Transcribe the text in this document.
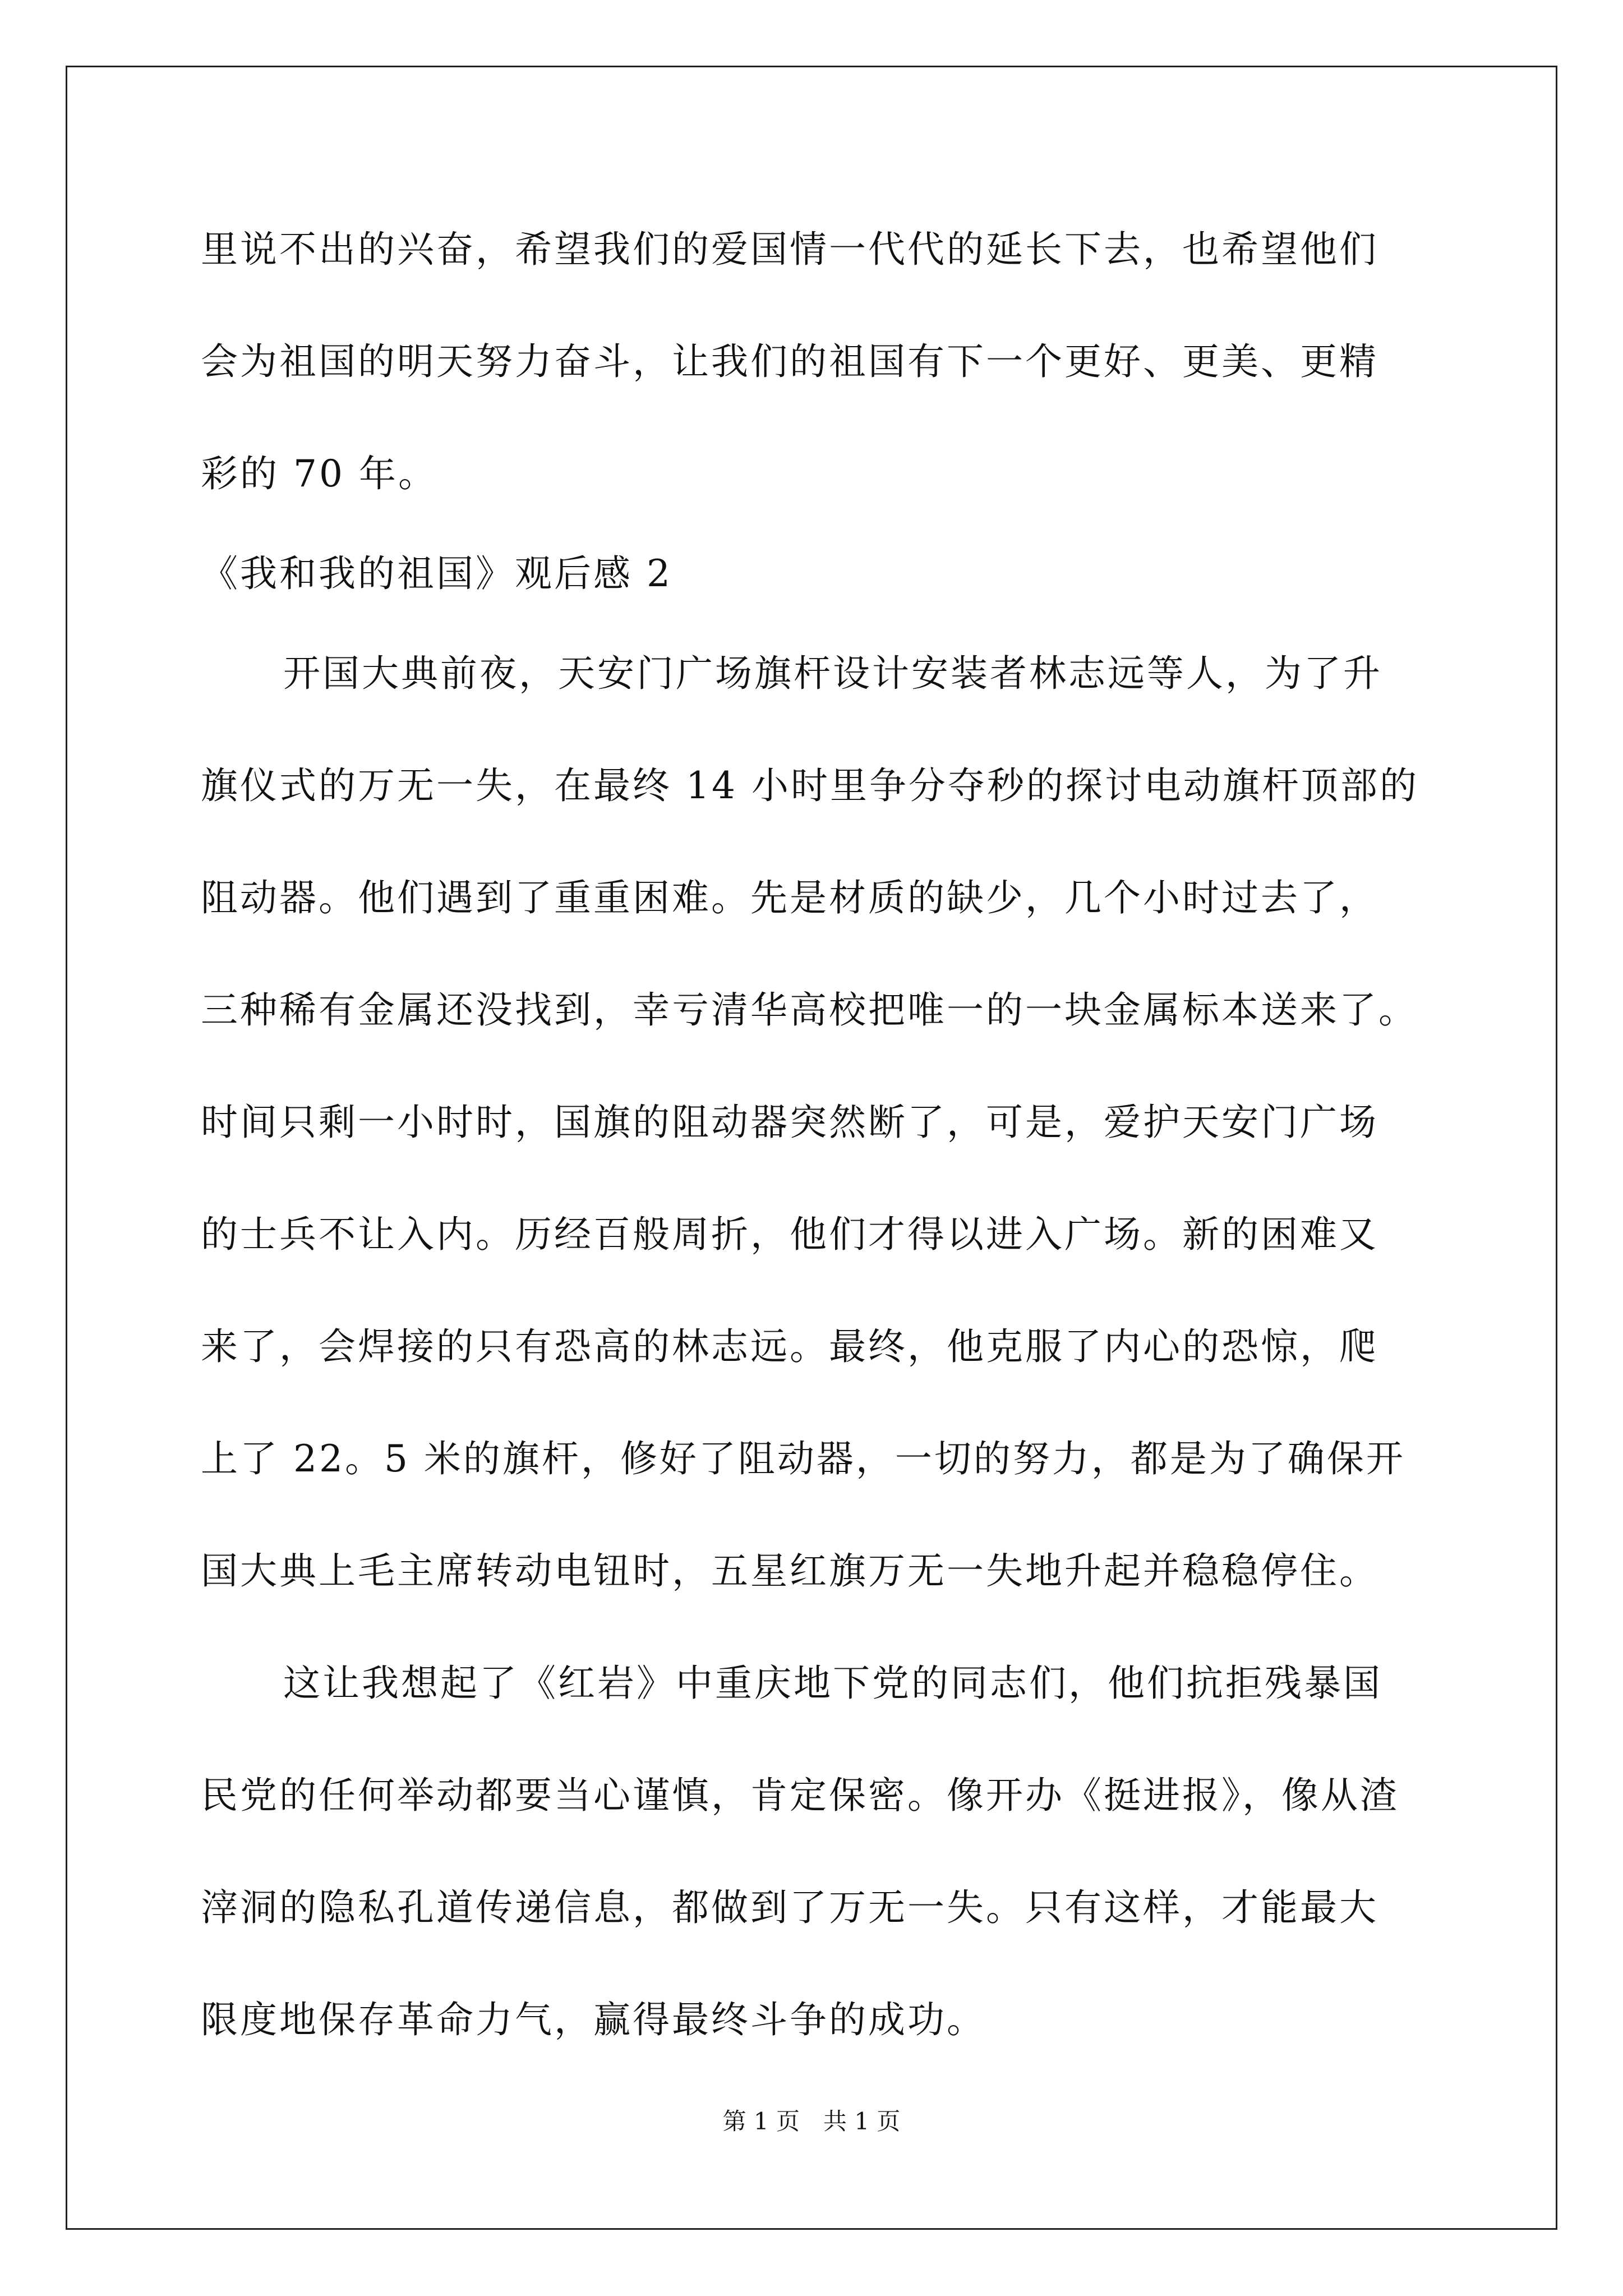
里说不出的兴奋，希望我们的爱国情一代代的延长下去，也希望他们
会为祖国的明天努力奋斗，让我们的祖国有下一个更好、更美、更精
彩的 70 年。
《我和我的祖国》观后感 2
开国大典前夜，天安门广场旗杆设计安装者林志远等人，为了升
旗仪式的万无一失，在最终 14 小时里争分夺秒的探讨电动旗杆顶部的
阻动器。他们遇到了重重困难。先是材质的缺少，几个小时过去了，
三种稀有金属还没找到，幸亏清华高校把唯一的一块金属标本送来了。
时间只剩一小时时，国旗的阻动器突然断了，可是，爱护天安门广场
的士兵不让入内。历经百般周折，他们才得以进入广场。新的困难又
来了，会焊接的只有恐高的林志远。最终，他克服了内心的恐惊，爬
上了 22。5 米的旗杆，修好了阻动器，一切的努力，都是为了确保开
国大典上毛主席转动电钮时，五星红旗万无一失地升起并稳稳停住。
这让我想起了《红岩》中重庆地下党的同志们，他们抗拒残暴国
民党的任何举动都要当心谨慎，肯定保密。像开办《挺进报》，像从渣
滓洞的隐私孔道传递信息，都做到了万无一失。只有这样，才能最大
限度地保存革命力气，赢得最终斗争的成功。
第 1 页　共 1 页
